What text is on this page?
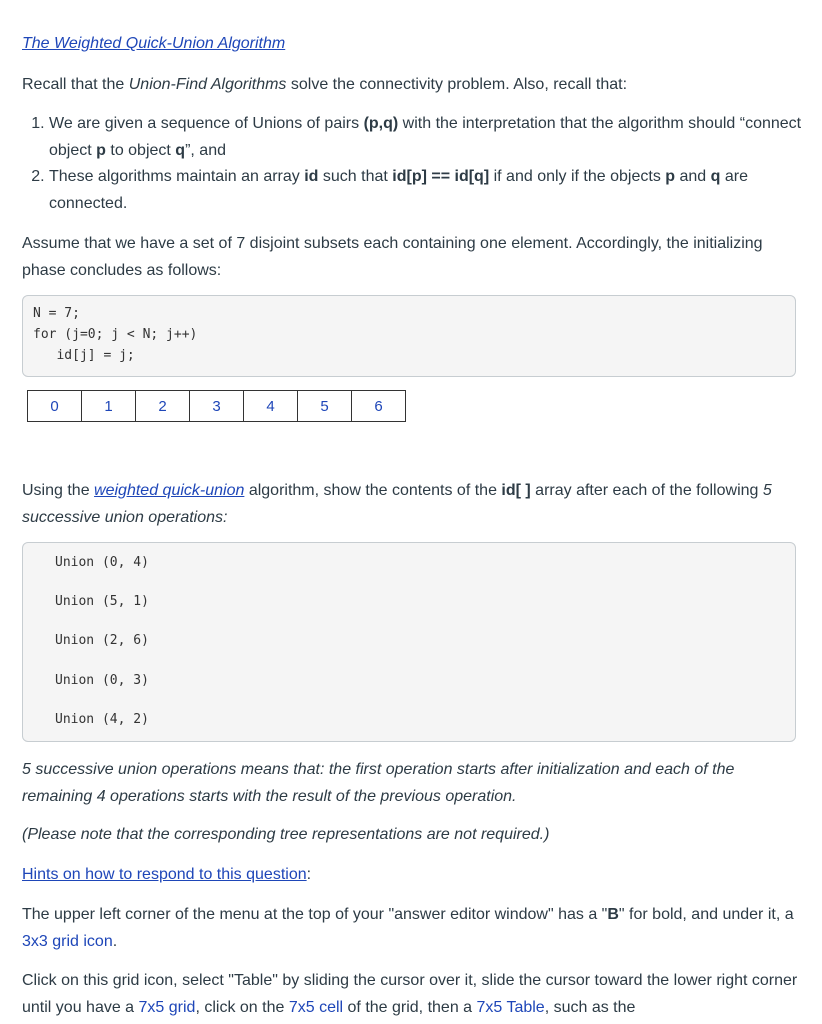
The Weighted Quick-Union Algorithm
Recall that the Union-Find Algorithms solve the connectivity problem. Also, recall that:
1. We are given a sequence of Unions of pairs (p,q) with the interpretation that the algorithm should “connect object p to object q”, and
2. These algorithms maintain an array id such that id[p] == id[q] if and only if the objects p and q are connected.
Assume that we have a set of 7 disjoint subsets each containing one element. Accordingly, the initializing phase concludes as follows:
N = 7;
for (j=0; j < N; j++)
id[j] = j;
0	1	2	3	4	5	6
Using the weighted quick-union algorithm, show the contents of the id[ ] array after each of the following 5 successive union operations:
Union (0, 4)
Union (5, 1)
Union (2, 6)
Union (0, 3)
Union (4, 2)
5 successive union operations means that: the first operation starts after initialization and each of the remaining 4 operations starts with the result of the previous operation.
(Please note that the corresponding tree representations are not required.)
Hints on how to respond to this question:
The upper left corner of the menu at the top of your "answer editor window" has a "B" for bold, and under it, a 3x3 grid icon.
Click on this grid icon, select "Table" by sliding the cursor over it, slide the cursor toward the lower right corner until you have a 7x5 grid, click on the 7x5 cell of the grid, then a 7x5 Table, such as the
